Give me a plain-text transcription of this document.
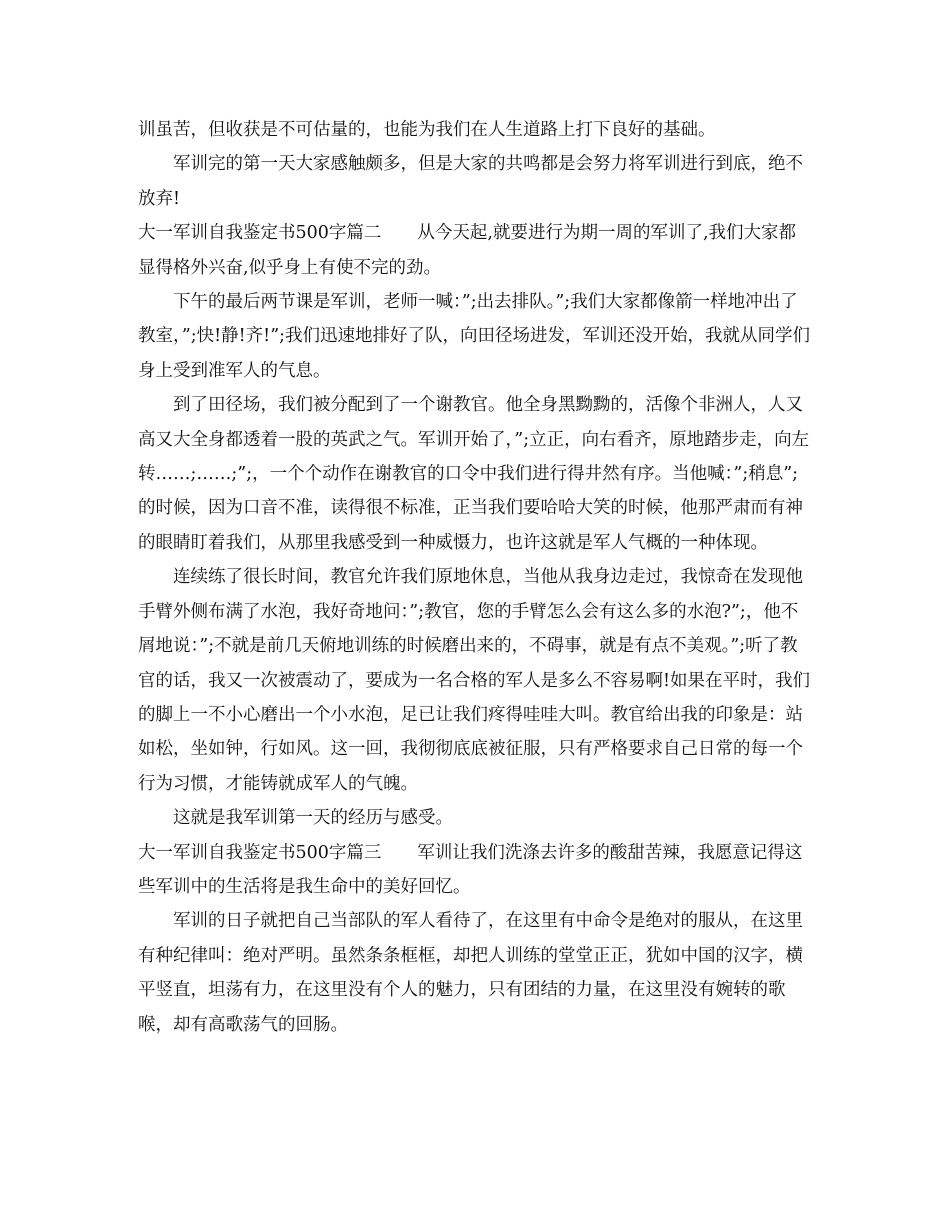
训虽苦，但收获是不可估量的，也能为我们在人生道路上打下良好的基础。

军训完的第一天大家感触颇多，但是大家的共鸣都是会努力将军训进行到底，绝不放弃!

大一军训自我鉴定书500字篇二 从今天起,就要进行为期一周的军训了,我们大家都显得格外兴奋,似乎身上有使不完的劲。

下午的最后两节课是军训，老师一喊：”;出去排队。”;我们大家都像箭一样地冲出了教室，”;快!静!齐!”;我们迅速地排好了队，向田径场进发，军训还没开始，我就从同学们身上受到准军人的气息。

到了田径场，我们被分配到了一个谢教官。他全身黑黝黝的，活像个非洲人，人又高又大全身都透着一股的英武之气。军训开始了，”;立正，向右看齐，原地踏步走，向左转……;……;”;，一个个动作在谢教官的口令中我们进行得井然有序。当他喊：”;稍息”;的时候，因为口音不准，读得很不标准，正当我们要哈哈大笑的时候，他那严肃而有神的眼睛盯着我们，从那里我感受到一种威慑力，也许这就是军人气概的一种体现。

连续练了很长时间，教官允许我们原地休息，当他从我身边走过，我惊奇在发现他手臂外侧布满了水泡，我好奇地问：”;教官，您的手臂怎么会有这么多的水泡?”;，他不屑地说：”;不就是前几天俯地训练的时候磨出来的，不碍事，就是有点不美观。”;听了教官的话，我又一次被震动了，要成为一名合格的军人是多么不容易啊!如果在平时，我们的脚上一不小心磨出一个小水泡，足已让我们疼得哇哇大叫。教官给出我的印象是：站如松，坐如钟，行如风。这一回，我彻彻底底被征服，只有严格要求自己日常的每一个行为习惯，才能铸就成军人的气魄。

这就是我军训第一天的经历与感受。

大一军训自我鉴定书500字篇三 军训让我们洗涤去许多的酸甜苦辣，我愿意记得这些军训中的生活将是我生命中的美好回忆。

军训的日子就把自己当部队的军人看待了，在这里有中命令是绝对的服从，在这里有种纪律叫：绝对严明。虽然条条框框，却把人训练的堂堂正正，犹如中国的汉字，横平竖直，坦荡有力，在这里没有个人的魅力，只有团结的力量，在这里没有婉转的歌喉，却有高歌荡气的回肠。
